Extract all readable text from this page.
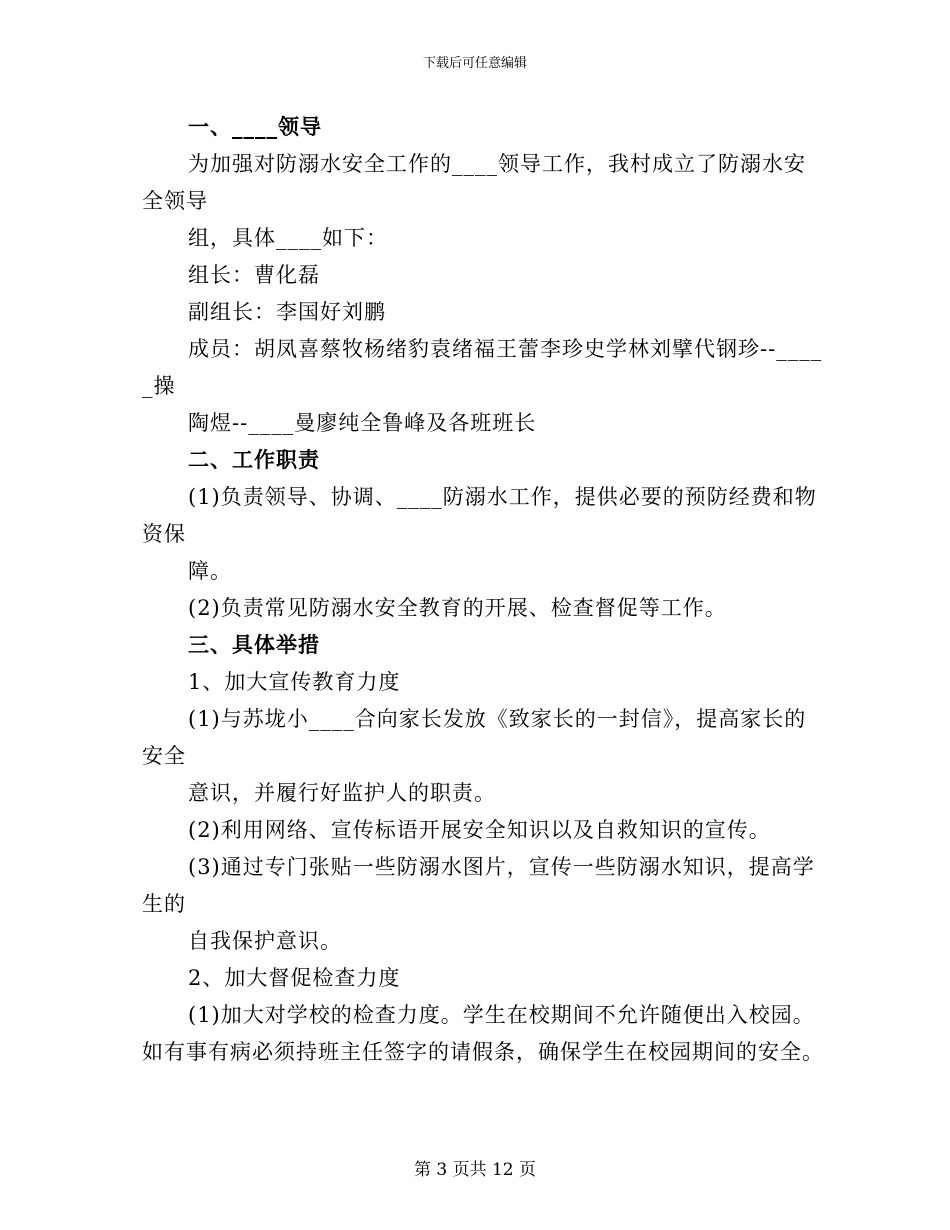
下载后可任意编辑
一、____领导
为加强对防溺水安全工作的____领导工作，我村成立了防溺水安
全领导
组，具体____如下：
组长：曹化磊
副组长：李国好刘鹏
成员：胡凤喜蔡牧杨绪豹袁绪福王蕾李珍史学林刘擘代钢珍--____
_操
陶煜--____曼廖纯全鲁峰及各班班长
二、工作职责
(1)负责领导、协调、____防溺水工作，提供必要的预防经费和物
资保
障。
(2)负责常见防溺水安全教育的开展、检查督促等工作。
三、具体举措
1、加大宣传教育力度
(1)与苏垅小____合向家长发放《致家长的一封信》，提高家长的
安全
意识，并履行好监护人的职责。
(2)利用网络、宣传标语开展安全知识以及自救知识的宣传。
(3)通过专门张贴一些防溺水图片，宣传一些防溺水知识，提高学
生的
自我保护意识。
2、加大督促检查力度
(1)加大对学校的检查力度。学生在校期间不允许随便出入校园。
如有事有病必须持班主任签字的请假条，确保学生在校园期间的安全。
第 3 页共 12 页
